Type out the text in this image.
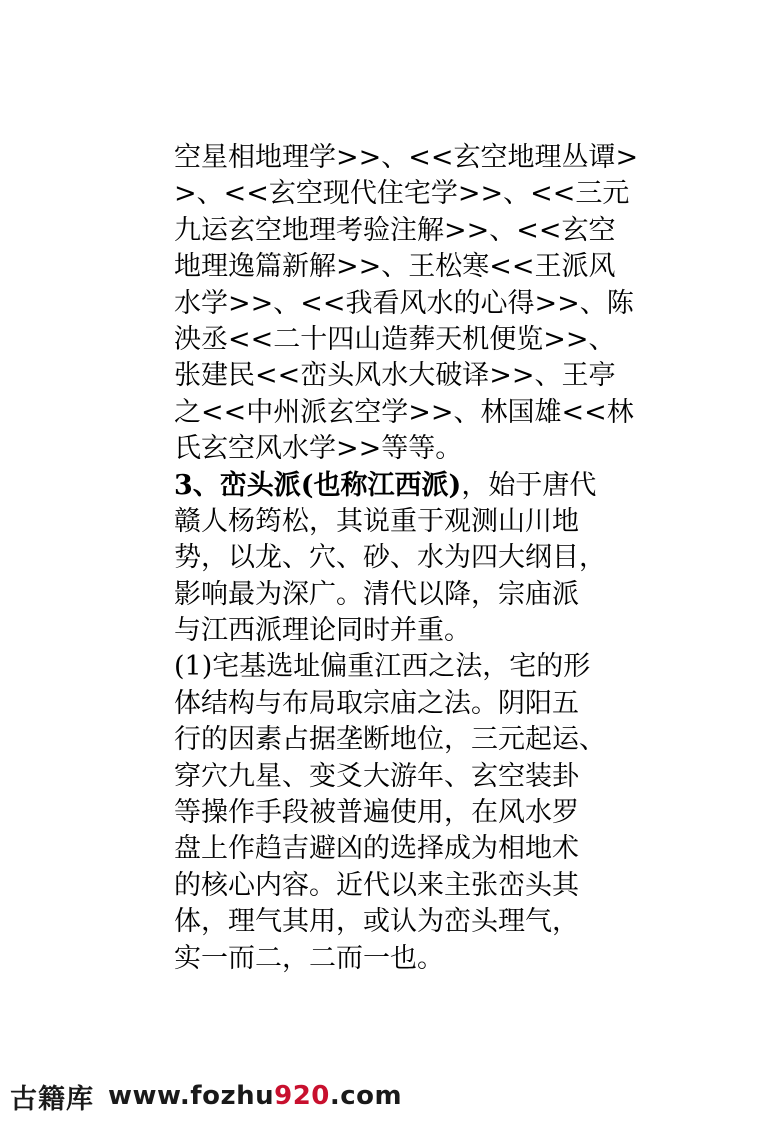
空星相地理学>>、<<玄空地理丛谭>
>、<<玄空现代住宅学>>、<<三元
九运玄空地理考验注解>>、<<玄空
地理逸篇新解>>、王松寒<<王派风
水学>>、<<我看风水的心得>>、陈
泱丞<<二十四山造葬天机便览>>、
张建民<<峦头风水大破译>>、王亭
之<<中州派玄空学>>、林国雄<<林
氏玄空风水学>>等等。
3、峦头派(也称江西派)，始于唐代
赣人杨筠松，其说重于观测山川地
势，以龙、穴、砂、水为四大纲目，
影响最为深广。清代以降，宗庙派
与江西派理论同时并重。
(1)宅基选址偏重江西之法，宅的形
体结构与布局取宗庙之法。阴阳五
行的因素占据垄断地位，三元起运、
穿穴九星、变爻大游年、玄空装卦
等操作手段被普遍使用，在风水罗
盘上作趋吉避凶的选择成为相地术
的核心内容。近代以来主张峦头其
体，理气其用，或认为峦头理气，
实一而二，二而一也。
古籍库 www.fozhu920.com
